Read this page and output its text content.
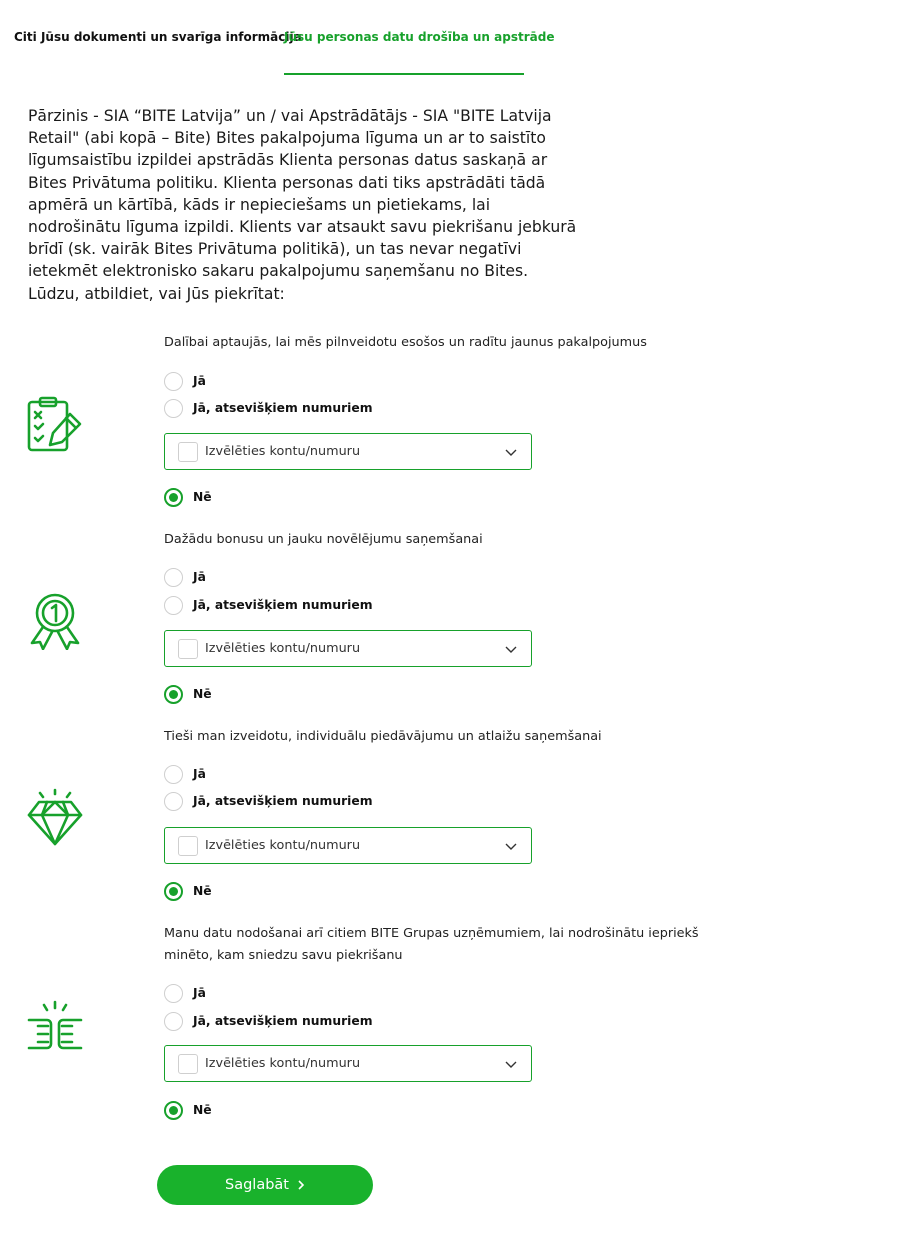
Citi Jūsu dokumenti un svarīga informācija
Jūsu personas datu drošība un apstrāde

Pārzinis - SIA “BITE Latvija” un / vai Apstrādātājs - SIA "BITE Latvija

Retail" (abi kopā – Bite) Bites pakalpojuma līguma un ar to saistīto

līgumsaistību izpildei apstrādās Klienta personas datus saskaņā ar

Bites Privātuma politiku. Klienta personas dati tiks apstrādāti tādā

apmērā un kārtībā, kāds ir nepieciešams un pietiekams, lai

nodrošinātu līguma izpildi. Klients var atsaukt savu piekrišanu jebkurā

brīdī (sk. vairāk Bites Privātuma politikā), un tas nevar negatīvi

ietekmēt elektronisko sakaru pakalpojumu saņemšanu no Bites.

Lūdzu, atbildiet, vai Jūs piekrītat:

Dalībai aptaujās, lai mēs pilnveidotu esošos un radītu jaunus pakalpojumus
Jā
Jā, atsevišķiem numuriem
Izvēlēties kontu/numuru
Nē
Dažādu bonusu un jauku novēlējumu saņemšanai
Jā
Jā, atsevišķiem numuriem
Izvēlēties kontu/numuru
Nē
Tieši man izveidotu, individuālu piedāvājumu un atlaižu saņemšanai
Jā
Jā, atsevišķiem numuriem
Izvēlēties kontu/numuru
Nē
Manu datu nodošanai arī citiem BITE Grupas uzņēmumiem, lai nodrošinātu iepriekš
minēto, kam sniedzu savu piekrišanu
Jā
Jā, atsevišķiem numuriem
Izvēlēties kontu/numuru
Nē
Saglabāt
